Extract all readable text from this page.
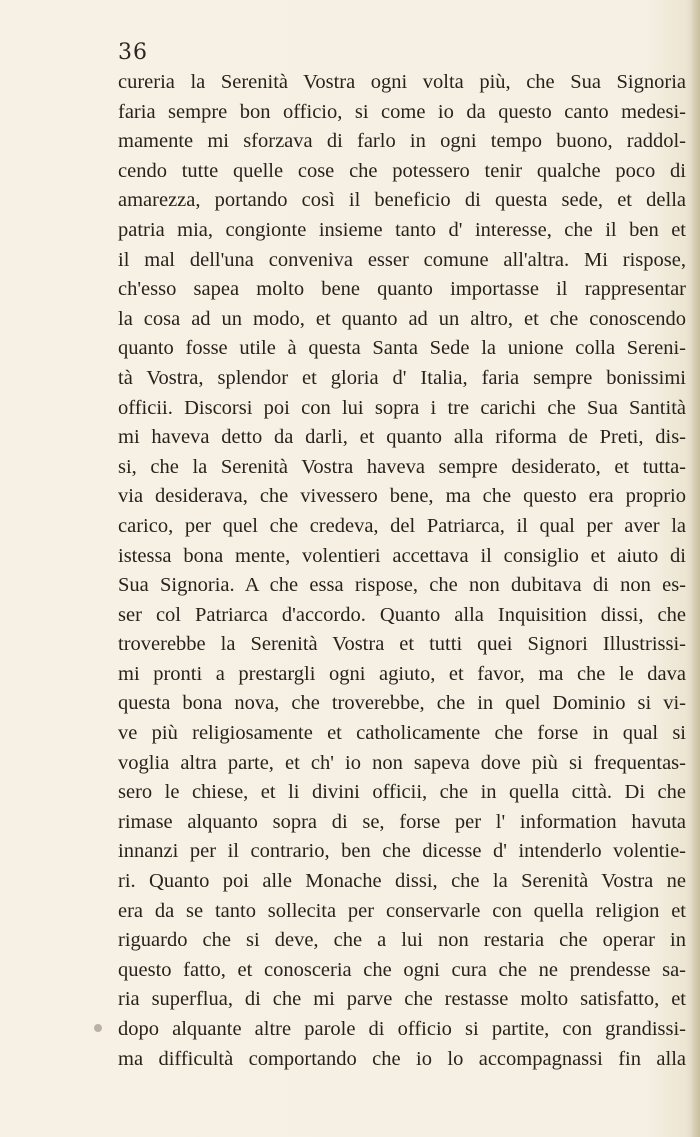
36
cureria la Serenità Vostra ogni volta più, che Sua Signoria
faria sempre bon officio, si come io da questo canto medesi-
mamente mi sforzava di farlo in ogni tempo buono, raddol-
cendo tutte quelle cose che potessero tenir qualche poco di
amarezza, portando così il beneficio di questa sede, et della
patria mia, congionte insieme tanto d' interesse, che il ben et
il mal dell'una conveniva esser comune all'altra. Mi rispose,
ch'esso sapea molto bene quanto importasse il rappresentar
la cosa ad un modo, et quanto ad un altro, et che conoscendo
quanto fosse utile à questa Santa Sede la unione colla Sereni-
tà Vostra, splendor et gloria d' Italia, faria sempre bonissimi
officii. Discorsi poi con lui sopra i tre carichi che Sua Santità
mi haveva detto da darli, et quanto alla riforma de Preti, dis-
si, che la Serenità Vostra haveva sempre desiderato, et tutta-
via desiderava, che vivessero bene, ma che questo era proprio
carico, per quel che credeva, del Patriarca, il qual per aver la
istessa bona mente, volentieri accettava il consiglio et aiuto di
Sua Signoria. A che essa rispose, che non dubitava di non es-
ser col Patriarca d'accordo. Quanto alla Inquisition dissi, che
troverebbe la Serenità Vostra et tutti quei Signori Illustrissi-
mi pronti a prestargli ogni agiuto, et favor, ma che le dava
questa bona nova, che troverebbe, che in quel Dominio si vi-
ve più religiosamente et catholicamente che forse in qual si
voglia altra parte, et ch' io non sapeva dove più si frequentas-
sero le chiese, et li divini officii, che in quella città. Di che
rimase alquanto sopra di se, forse per l' information havuta
innanzi per il contrario, ben che dicesse d' intenderlo volentie-
ri. Quanto poi alle Monache dissi, che la Serenità Vostra ne
era da se tanto sollecita per conservarle con quella religion et
riguardo che si deve, che a lui non restaria che operar in
questo fatto, et conosceria che ogni cura che ne prendesse sa-
ria superflua, di che mi parve che restasse molto satisfatto, et
dopo alquante altre parole di officio si partite, con grandissi-
ma difficultà comportando che io lo accompagnassi fin alla
